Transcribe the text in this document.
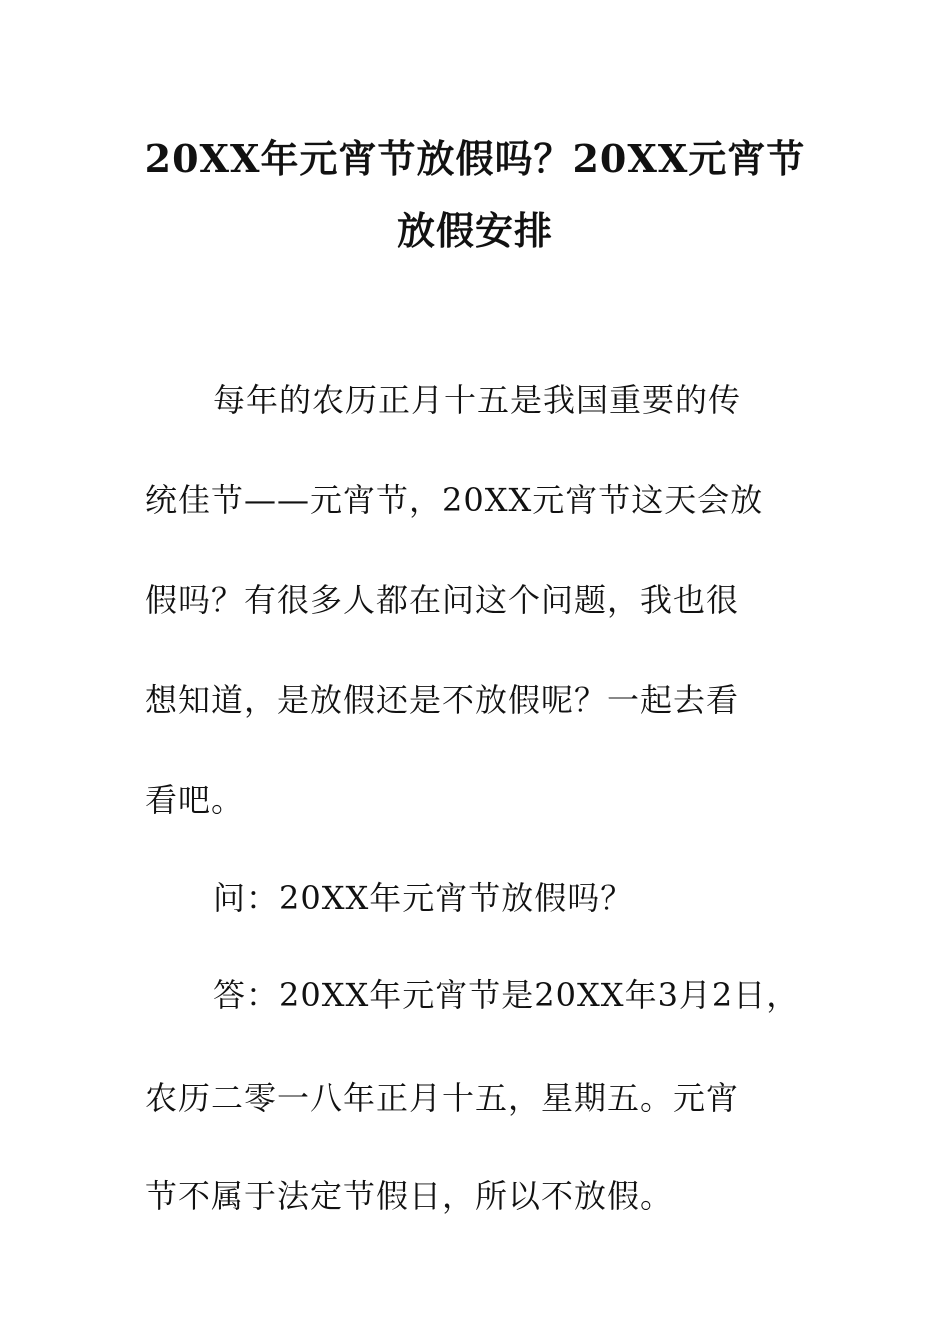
20XX年元宵节放假吗？20XX元宵节
放假安排
每年的农历正月十五是我国重要的传
统佳节——元宵节，20XX元宵节这天会放
假吗？有很多人都在问这个问题，我也很
想知道，是放假还是不放假呢？一起去看
看吧。
问：20XX年元宵节放假吗？
答：20XX年元宵节是20XX年3月2日，
农历二零一八年正月十五，星期五。元宵
节不属于法定节假日，所以不放假。
